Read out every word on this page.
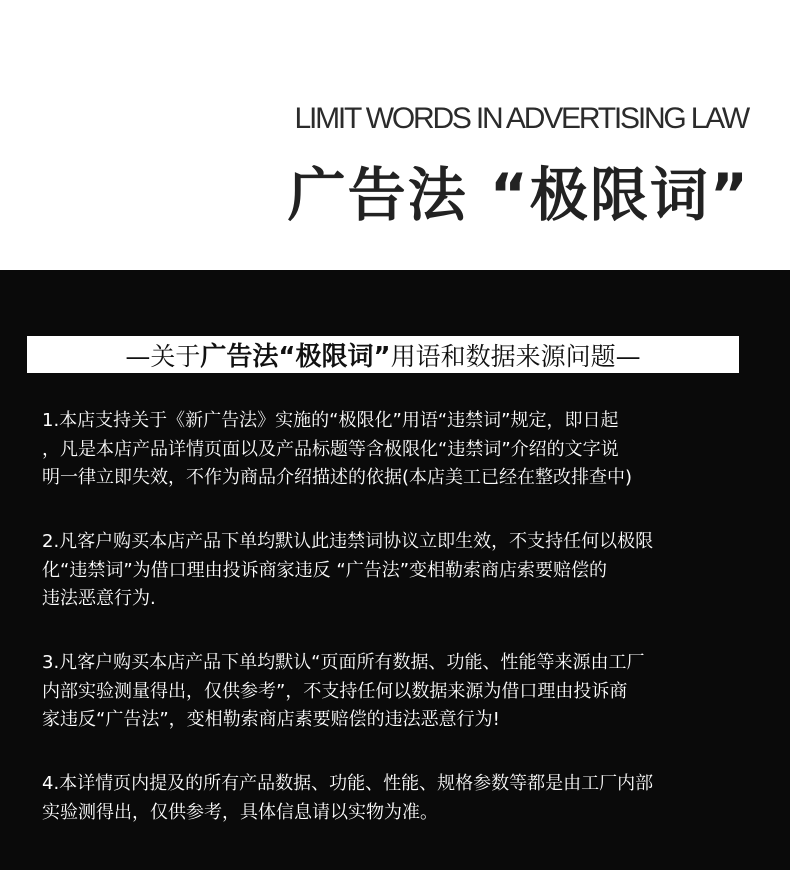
LIMIT WORDS IN ADVERTISING LAW
广告法 “极限词”
—关于 广告法“极限词” 用语和数据来源问题—
1.本店支持关于《新广告法》实施的“极限化”用语“违禁词”规定，即日起
，凡是本店产品详情页面以及产品标题等含极限化“违禁词”介绍的文字说
明一律立即失效，不作为商品介绍描述的依据(本店美工已经在整改排查中)
2.凡客户购买本店产品下单均默认此违禁词协议立即生效，不支持任何以极限
化“违禁词”为借口理由投诉商家违反 “广告法”变相勒索商店索要赔偿的
违法恶意行为.
3.凡客户购买本店产品下单均默认“页面所有数据、功能、性能等来源由工厂
内部实验测量得出，仅供参考”，不支持任何以数据来源为借口理由投诉商
家违反“广告法”，变相勒索商店素要赔偿的违法恶意行为!
4.本详情页内提及的所有产品数据、功能、性能、规格参数等都是由工厂内部
实验测得出，仅供参考，具体信息请以实物为准。
